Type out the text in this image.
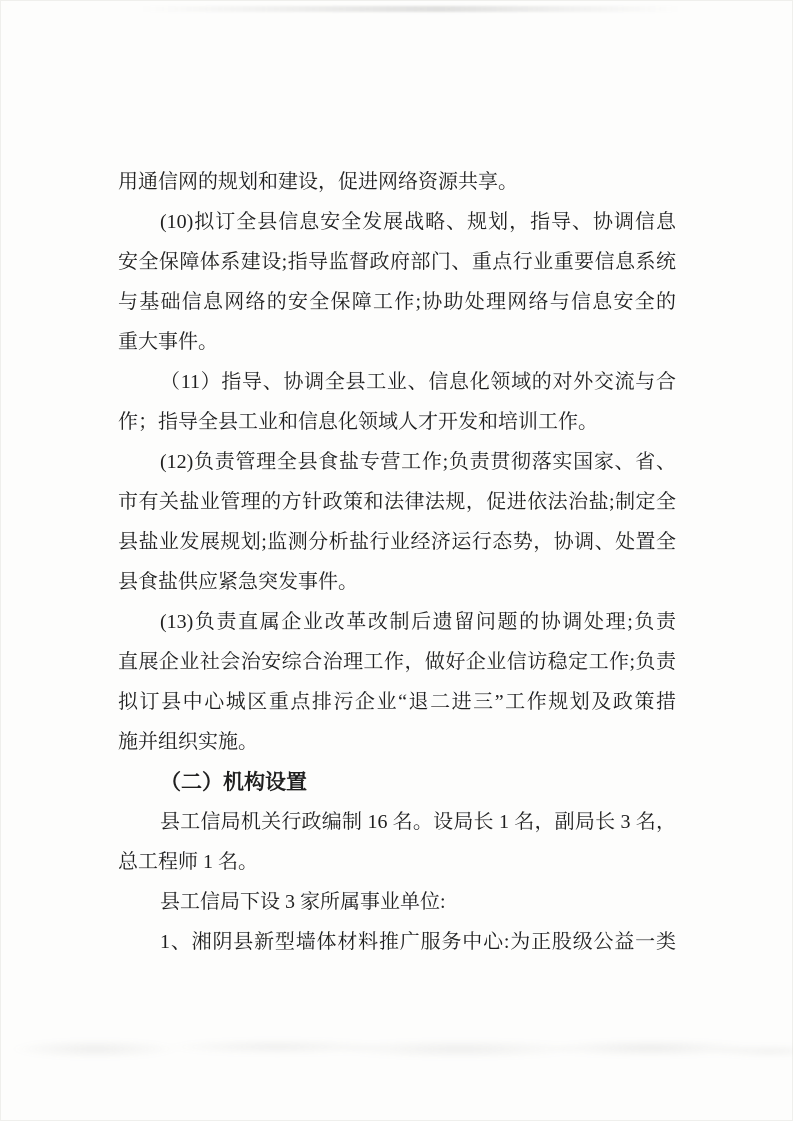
用通信网的规划和建设，促进网络资源共享。
(10)拟订全县信息安全发展战略、规划，指导、协调信息
安全保障体系建设;指导监督政府部门、重点行业重要信息系统
与基础信息网络的安全保障工作;协助处理网络与信息安全的
重大事件。
（11）指导、协调全县工业、信息化领域的对外交流与合
作；指导全县工业和信息化领域人才开发和培训工作。
(12)负责管理全县食盐专营工作;负责贯彻落实国家、省、
市有关盐业管理的方针政策和法律法规，促进依法治盐;制定全
县盐业发展规划;监测分析盐行业经济运行态势，协调、处置全
县食盐供应紧急突发事件。
(13)负责直属企业改革改制后遗留问题的协调处理;负责
直展企业社会治安综合治理工作，做好企业信访稳定工作;负责
拟订县中心城区重点排污企业“退二进三”工作规划及政策措
施并组织实施。
（二）机构设置
县工信局机关行政编制 16 名。设局长 1 名，副局长 3 名，
总工程师 1 名。
县工信局下设 3 家所属事业单位:
1、湘阴县新型墙体材料推广服务中心:为正股级公益一类
